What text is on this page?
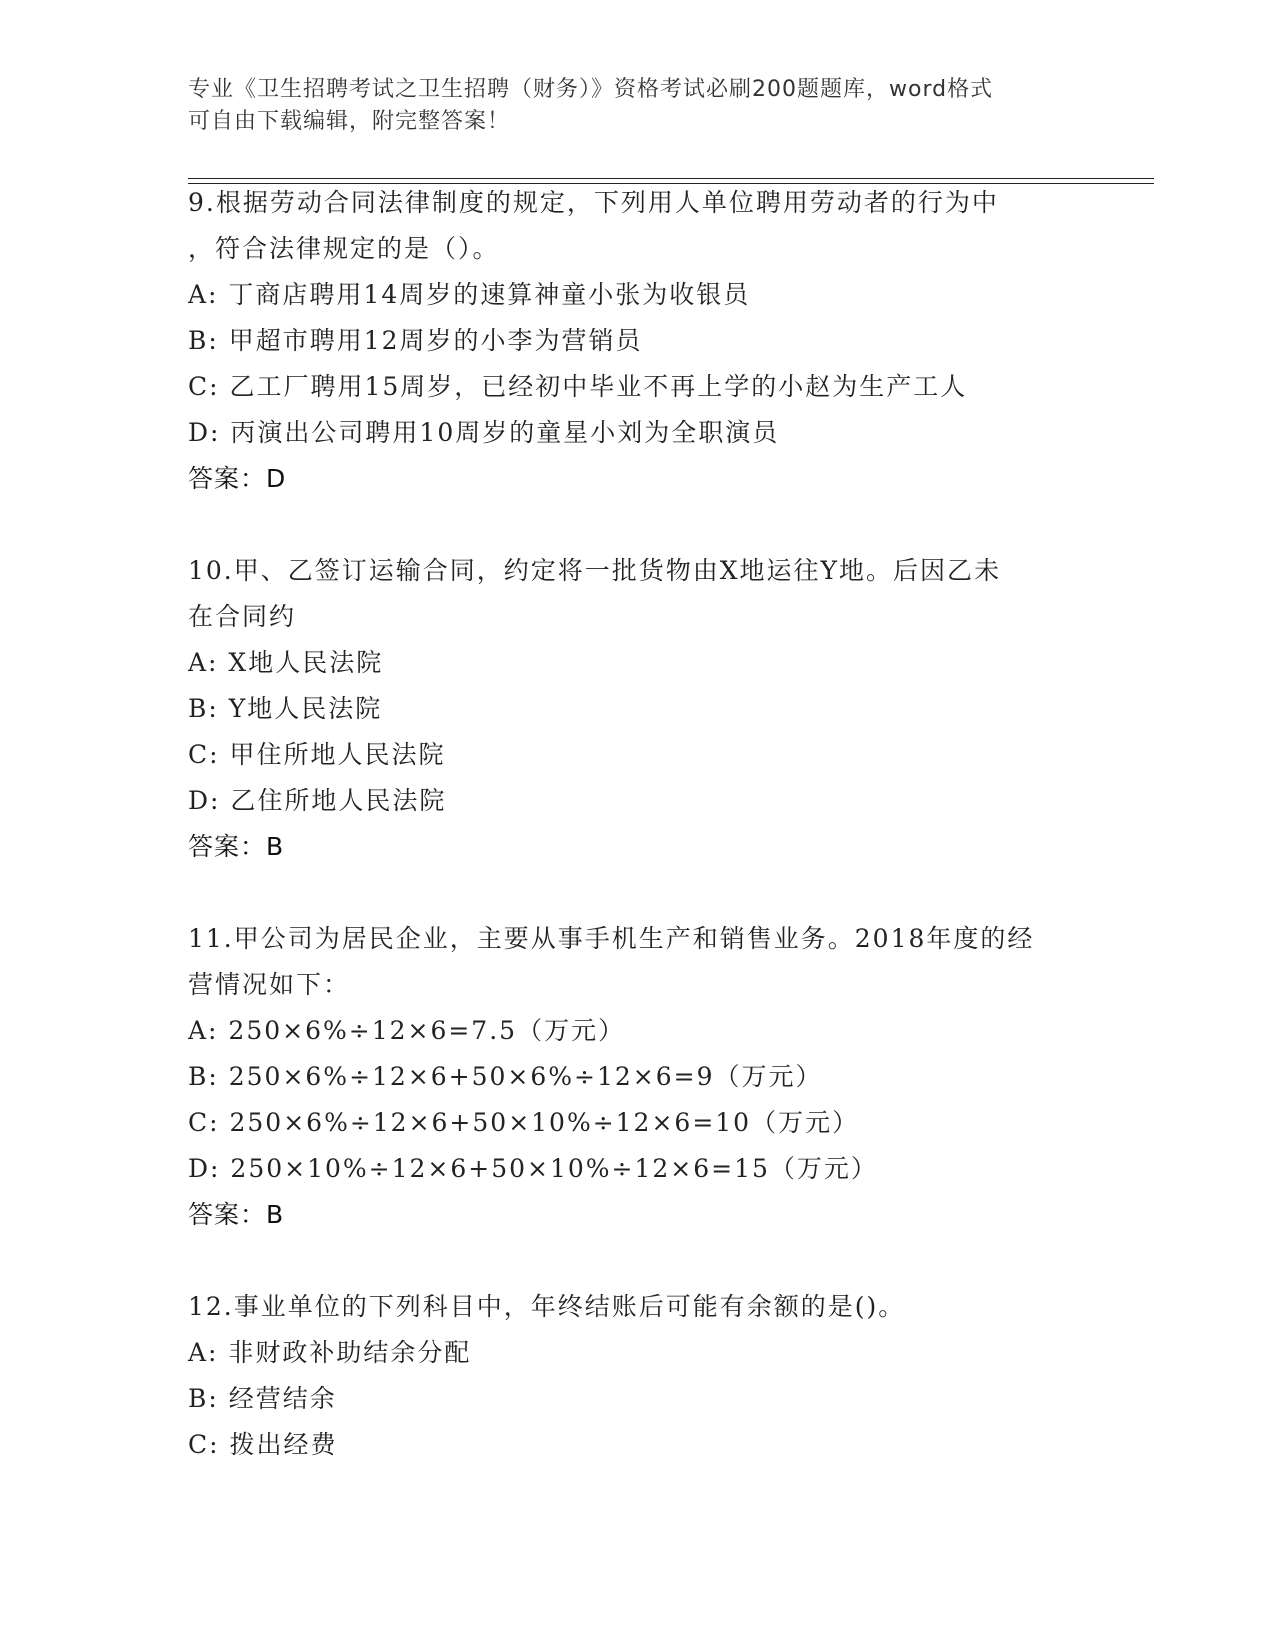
专业《卫生招聘考试之卫生招聘（财务）》资格考试必刷200题题库，word格式

可自由下载编辑，附完整答案！

9.根据劳动合同法律制度的规定，下列用人单位聘用劳动者的行为中
，符合法律规定的是（）。
A: 丁商店聘用14周岁的速算神童小张为收银员
B: 甲超市聘用12周岁的小李为营销员
C: 乙工厂聘用15周岁，已经初中毕业不再上学的小赵为生产工人
D: 丙演出公司聘用10周岁的童星小刘为全职演员
答案：D
10.甲、乙签订运输合同，约定将一批货物由X地运往Y地。后因乙未
在合同约
A: X地人民法院
B: Y地人民法院
C: 甲住所地人民法院
D: 乙住所地人民法院
答案：B
11.甲公司为居民企业，主要从事手机生产和销售业务。2018年度的经
营情况如下：
A: 250×6%÷12×6=7.5（万元）
B: 250×6%÷12×6+50×6%÷12×6=9（万元）
C: 250×6%÷12×6+50×10%÷12×6=10（万元）
D: 250×10%÷12×6+50×10%÷12×6=15（万元）
答案：B
12.事业单位的下列科目中，年终结账后可能有余额的是()。
A: 非财政补助结余分配
B: 经营结余
C: 拨出经费
